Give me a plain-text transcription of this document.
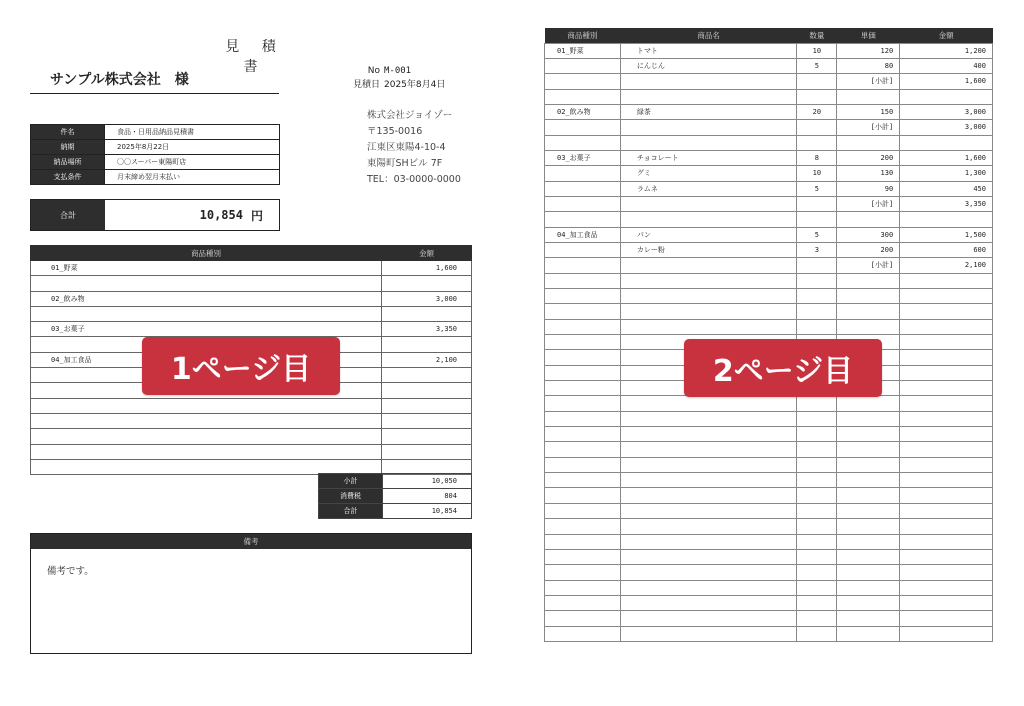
見 積 書
サンプル株式会社　様
No M-001
見積日 2025年8月4日
株式会社ジョイゾー
〒135-0016
江東区東陽4-10-4
東陽町SHビル 7F
TEL：03-0000-0000
件名	食品・日用品納品見積書
納期	2025年8月22日
納品場所	〇〇スーパー東陽町店
支払条件	月末締め翌月末払い
合計	10,854 円
商品種別	金額
01_野菜	1,600

02_飲み物	3,000

03_お菓子	3,350

04_加工食品	2,100

小計	10,050
消費税	804
合計	10,854
備考
備考です。
商品種別	商品名	数量	単価	金額
01_野菜	トマト	10	120	1,200
	にんじん	5	80	400
			[小計]	1,600

02_飲み物	緑茶	20	150	3,000
			[小計]	3,000

03_お菓子	チョコレート	8	200	1,600
	グミ	10	130	1,300
	ラムネ	5	90	450
			[小計]	3,350

04_加工食品	パン	5	300	1,500
	カレー粉	3	200	600
			[小計]	2,100

1ページ目	2ページ目
